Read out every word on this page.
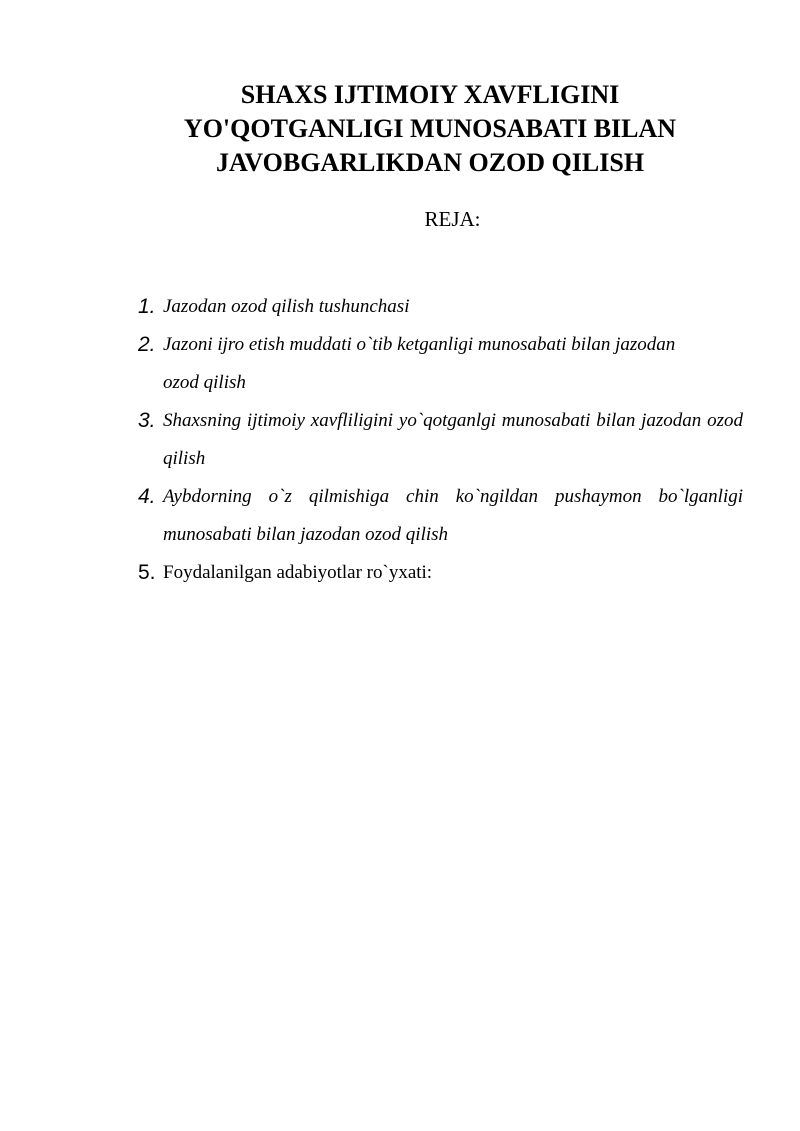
SHAXS IJTIMOIY XAVFLIGINI
YO'QOTGANLIGI MUNOSABATI BILAN
JAVOBGARLIKDAN OZOD QILISH

REJA:

1. Jazodan ozod qilish tushunchasi
2. Jazoni ijro etish muddati o`tib ketganligi munosabati bilan jazodan ozod qilish
3. Shaxsning ijtimoiy xavfliligini yo`qotganlgi munosabati bilan jazodan ozod qilish
4. Aybdorning o`z qilmishiga chin ko`ngildan pushaymon bo`lganligi munosabati bilan jazodan ozod qilish
5. Foydalanilgan adabiyotlar ro`yxati:
